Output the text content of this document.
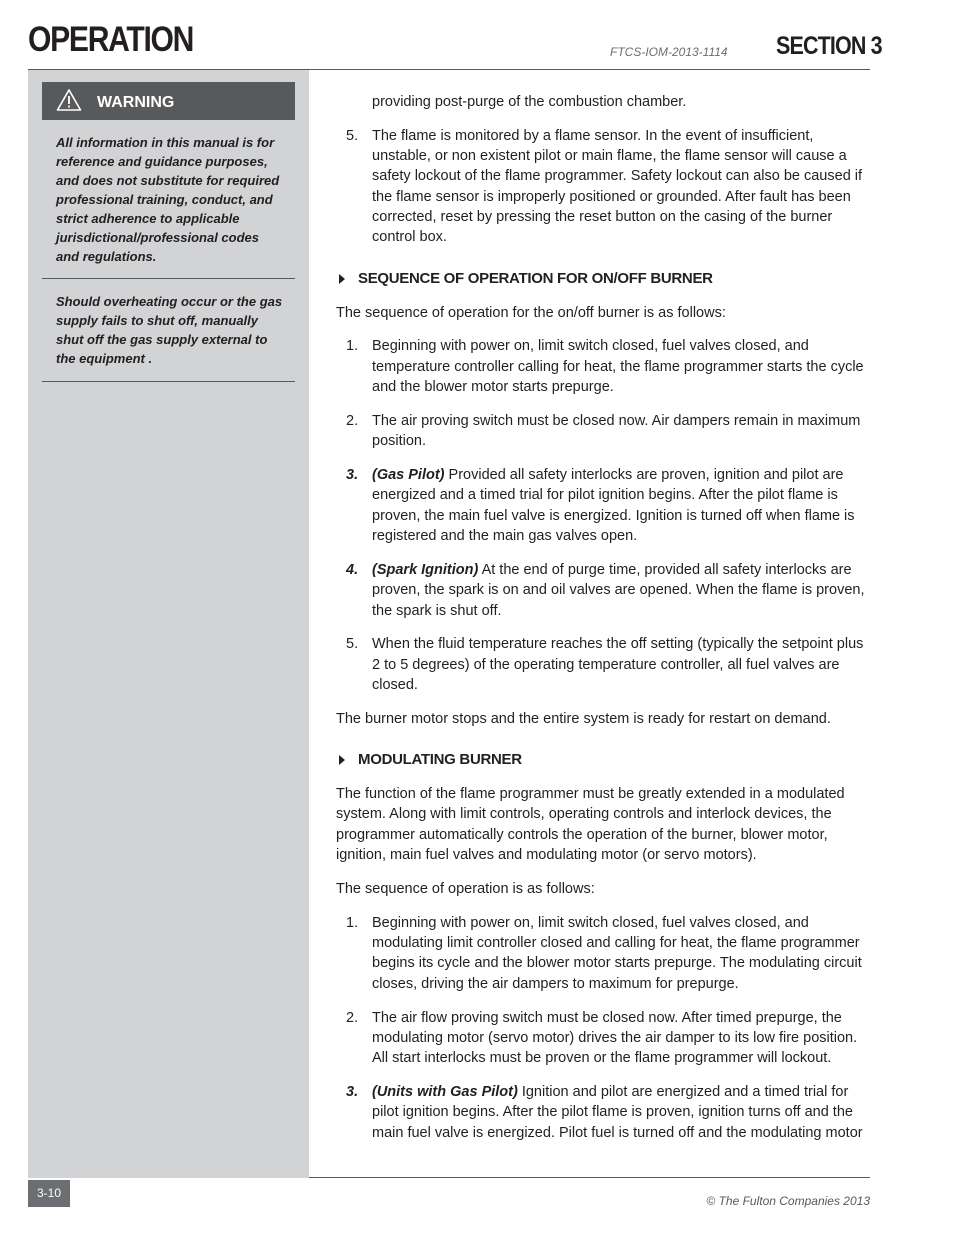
OPERATION	FTCS-IOM-2013-1114 SECTION 3
WARNING

All information in this manual is for reference and guidance purposes, and does not substitute for required professional training, conduct, and strict adherence to applicable jurisdictional/professional codes and regulations.

Should overheating occur or the gas supply fails to shut off, manually shut off the gas supply external to the equipment .

providing post-purge of the combustion chamber.

5. The flame is monitored by a flame sensor. In the event of insufficient, unstable, or non existent pilot or main flame, the flame sensor will cause a safety lockout of the flame programmer. Safety lockout can also be caused if the flame sensor is improperly positioned or grounded. After fault has been corrected, reset by pressing the reset button on the casing of the burner control box.
SEQUENCE OF OPERATION FOR ON/OFF BURNER

The sequence of operation for the on/off burner is as follows:

1. Beginning with power on, limit switch closed, fuel valves closed, and temperature controller calling for heat, the flame programmer starts the cycle and the blower motor starts prepurge.
2. The air proving switch must be closed now. Air dampers remain in maximum position.
3. (Gas Pilot) Provided all safety interlocks are proven, ignition and pilot are energized and a timed trial for pilot ignition begins. After the pilot flame is proven, the main fuel valve is energized. Ignition is turned off when flame is registered and the main gas valves open.
4. (Spark Ignition) At the end of purge time, provided all safety interlocks are proven, the spark is on and oil valves are opened. When the flame is proven, the spark is shut off.
5. When the fluid temperature reaches the off setting (typically the setpoint plus 2 to 5 degrees) of the operating temperature controller, all fuel valves are closed.

The burner motor stops and the entire system is ready for restart on demand.

MODULATING BURNER

The function of the flame programmer must be greatly extended in a modulated system. Along with limit controls, operating controls and interlock devices, the programmer automatically controls the operation of the burner, blower motor, ignition, main fuel valves and modulating motor (or servo motors).

The sequence of operation is as follows:

1. Beginning with power on, limit switch closed, fuel valves closed, and modulating limit controller closed and calling for heat, the flame programmer begins its cycle and the blower motor starts prepurge. The modulating circuit closes, driving the air dampers to maximum for prepurge.
2. The air flow proving switch must be closed now. After timed prepurge, the modulating motor (servo motor) drives the air damper to its low fire position. All start interlocks must be proven or the flame programmer will lockout.
3. (Units with Gas Pilot) Ignition and pilot are energized and a timed trial for pilot ignition begins. After the pilot flame is proven, ignition turns off and the main fuel valve is energized. Pilot fuel is turned off and the modulating motor
3-10
© The Fulton Companies 2013
